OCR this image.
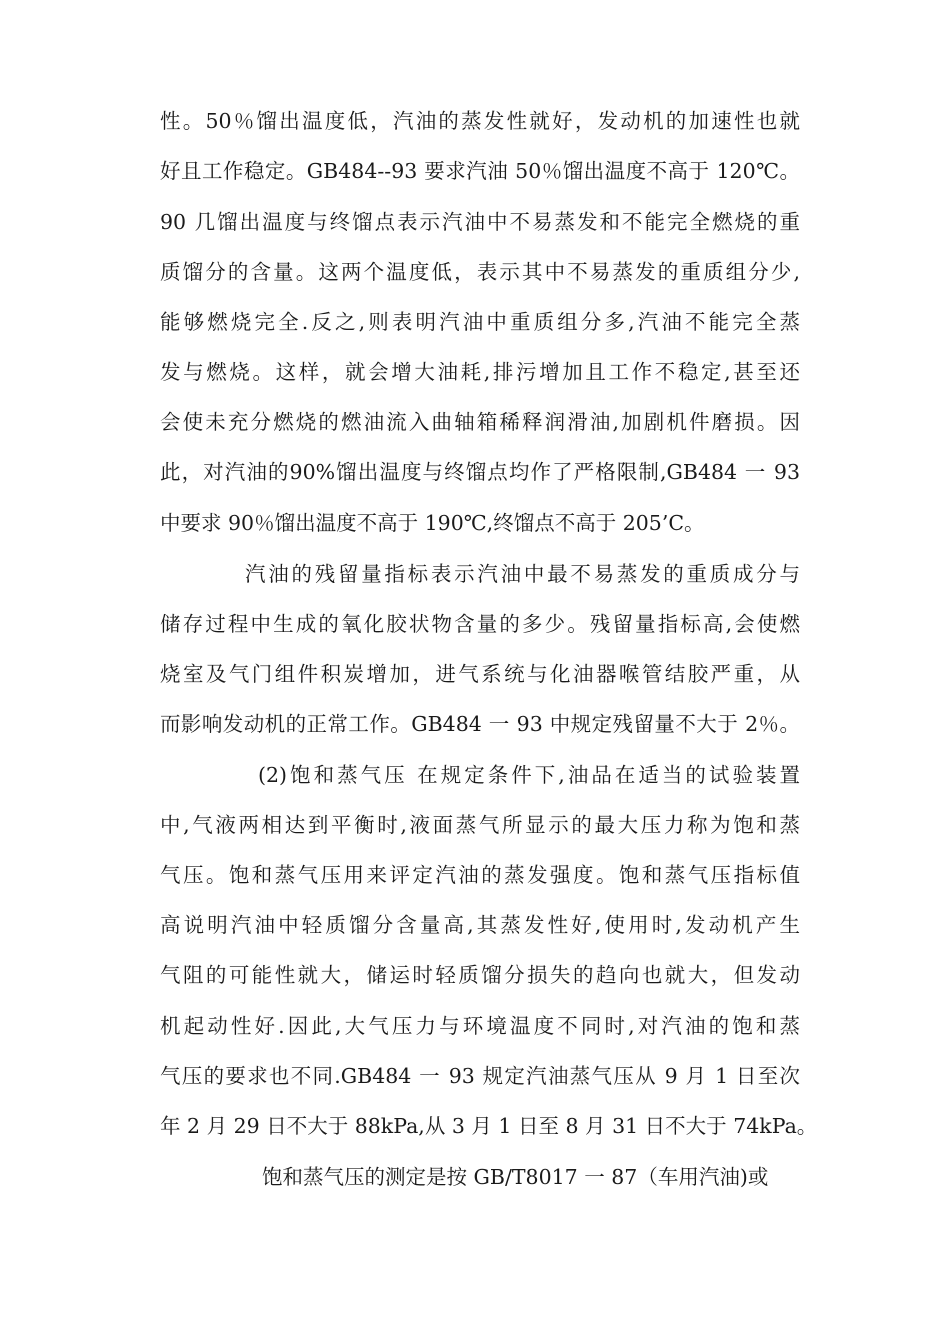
性。50％馏出温度低，汽油的蒸发性就好，发动机的加速性也就

好且工作稳定。GB484--93 要求汽油 50％馏出温度不高于 120℃。

90 几馏出温度与终馏点表示汽油中不易蒸发和不能完全燃烧的重

质馏分的含量。这两个温度低，表示其中不易蒸发的重质组分少,

能够燃烧完全.反之,则表明汽油中重质组分多,汽油不能完全蒸

发与燃烧。这样，就会增大油耗,排污增加且工作不稳定,甚至还

会使未充分燃烧的燃油流入曲轴箱稀释润滑油,加剧机件磨损。因

此，对汽油的90%馏出温度与终馏点均作了严格限制,GB484 一 93

中要求 90％馏出温度不高于 190℃,终馏点不高于 205’C。

汽油的残留量指标表示汽油中最不易蒸发的重质成分与

储存过程中生成的氧化胶状物含量的多少。残留量指标高,会使燃

烧室及气门组件积炭增加，进气系统与化油器喉管结胶严重，从

而影响发动机的正常工作。GB484 一 93 中规定残留量不大于 2％。

(2)饱和蒸气压 在规定条件下,油品在适当的试验装置

中,气液两相达到平衡时,液面蒸气所显示的最大压力称为饱和蒸

气压。饱和蒸气压用来评定汽油的蒸发强度。饱和蒸气压指标值

高说明汽油中轻质馏分含量高,其蒸发性好,使用时,发动机产生

气阻的可能性就大，储运时轻质馏分损失的趋向也就大，但发动

机起动性好.因此,大气压力与环境温度不同时,对汽油的饱和蒸

气压的要求也不同.GB484 一 93 规定汽油蒸气压从 9 月 1 日至次

年 2 月 29 日不大于 88kPa,从 3 月 1 日至 8 月 31 日不大于 74kPa。

饱和蒸气压的测定是按 GB/T8017 一 87（车用汽油)或
